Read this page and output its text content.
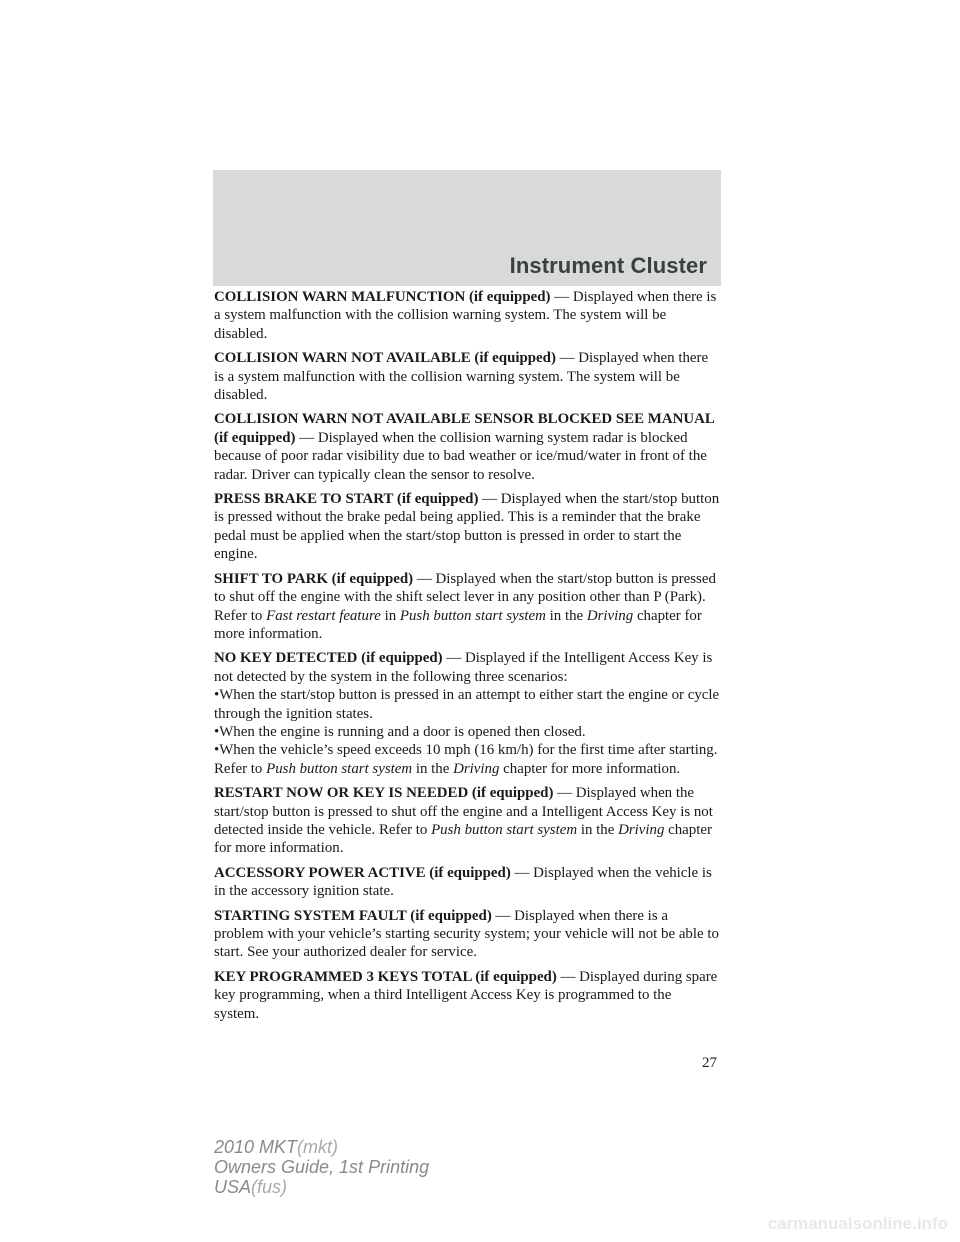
Instrument Cluster

COLLISION WARN MALFUNCTION (if equipped) — Displayed when there is a system malfunction with the collision warning system. The system will be disabled.

COLLISION WARN NOT AVAILABLE (if equipped) — Displayed when there is a system malfunction with the collision warning system. The system will be disabled.

COLLISION WARN NOT AVAILABLE SENSOR BLOCKED SEE MANUAL (if equipped) — Displayed when the collision warning system radar is blocked because of poor radar visibility due to bad weather or ice/mud/water in front of the radar. Driver can typically clean the sensor to resolve.

PRESS BRAKE TO START (if equipped) — Displayed when the start/stop button is pressed without the brake pedal being applied. This is a reminder that the brake pedal must be applied when the start/stop button is pressed in order to start the engine.

SHIFT TO PARK (if equipped) — Displayed when the start/stop button is pressed to shut off the engine with the shift select lever in any position other than P (Park). Refer to Fast restart feature in Push button start system in the Driving chapter for more information.

NO KEY DETECTED (if equipped) — Displayed if the Intelligent Access Key is not detected by the system in the following three scenarios:

•When the start/stop button is pressed in an attempt to either start the engine or cycle through the ignition states.

•When the engine is running and a door is opened then closed.

•When the vehicle’s speed exceeds 10 mph (16 km/h) for the first time after starting. Refer to Push button start system in the Driving chapter for more information.

RESTART NOW OR KEY IS NEEDED (if equipped) — Displayed when the start/stop button is pressed to shut off the engine and a Intelligent Access Key is not detected inside the vehicle. Refer to Push button start system in the Driving chapter for more information.

ACCESSORY POWER ACTIVE (if equipped) — Displayed when the vehicle is in the accessory ignition state.

STARTING SYSTEM FAULT (if equipped) — Displayed when there is a problem with your vehicle’s starting security system; your vehicle will not be able to start. See your authorized dealer for service.

KEY PROGRAMMED 3 KEYS TOTAL (if equipped) — Displayed during spare key programming, when a third Intelligent Access Key is programmed to the system.

27
2010 MKT(mkt)
Owners Guide, 1st Printing
USA(fus)
carmanualsonline.info
